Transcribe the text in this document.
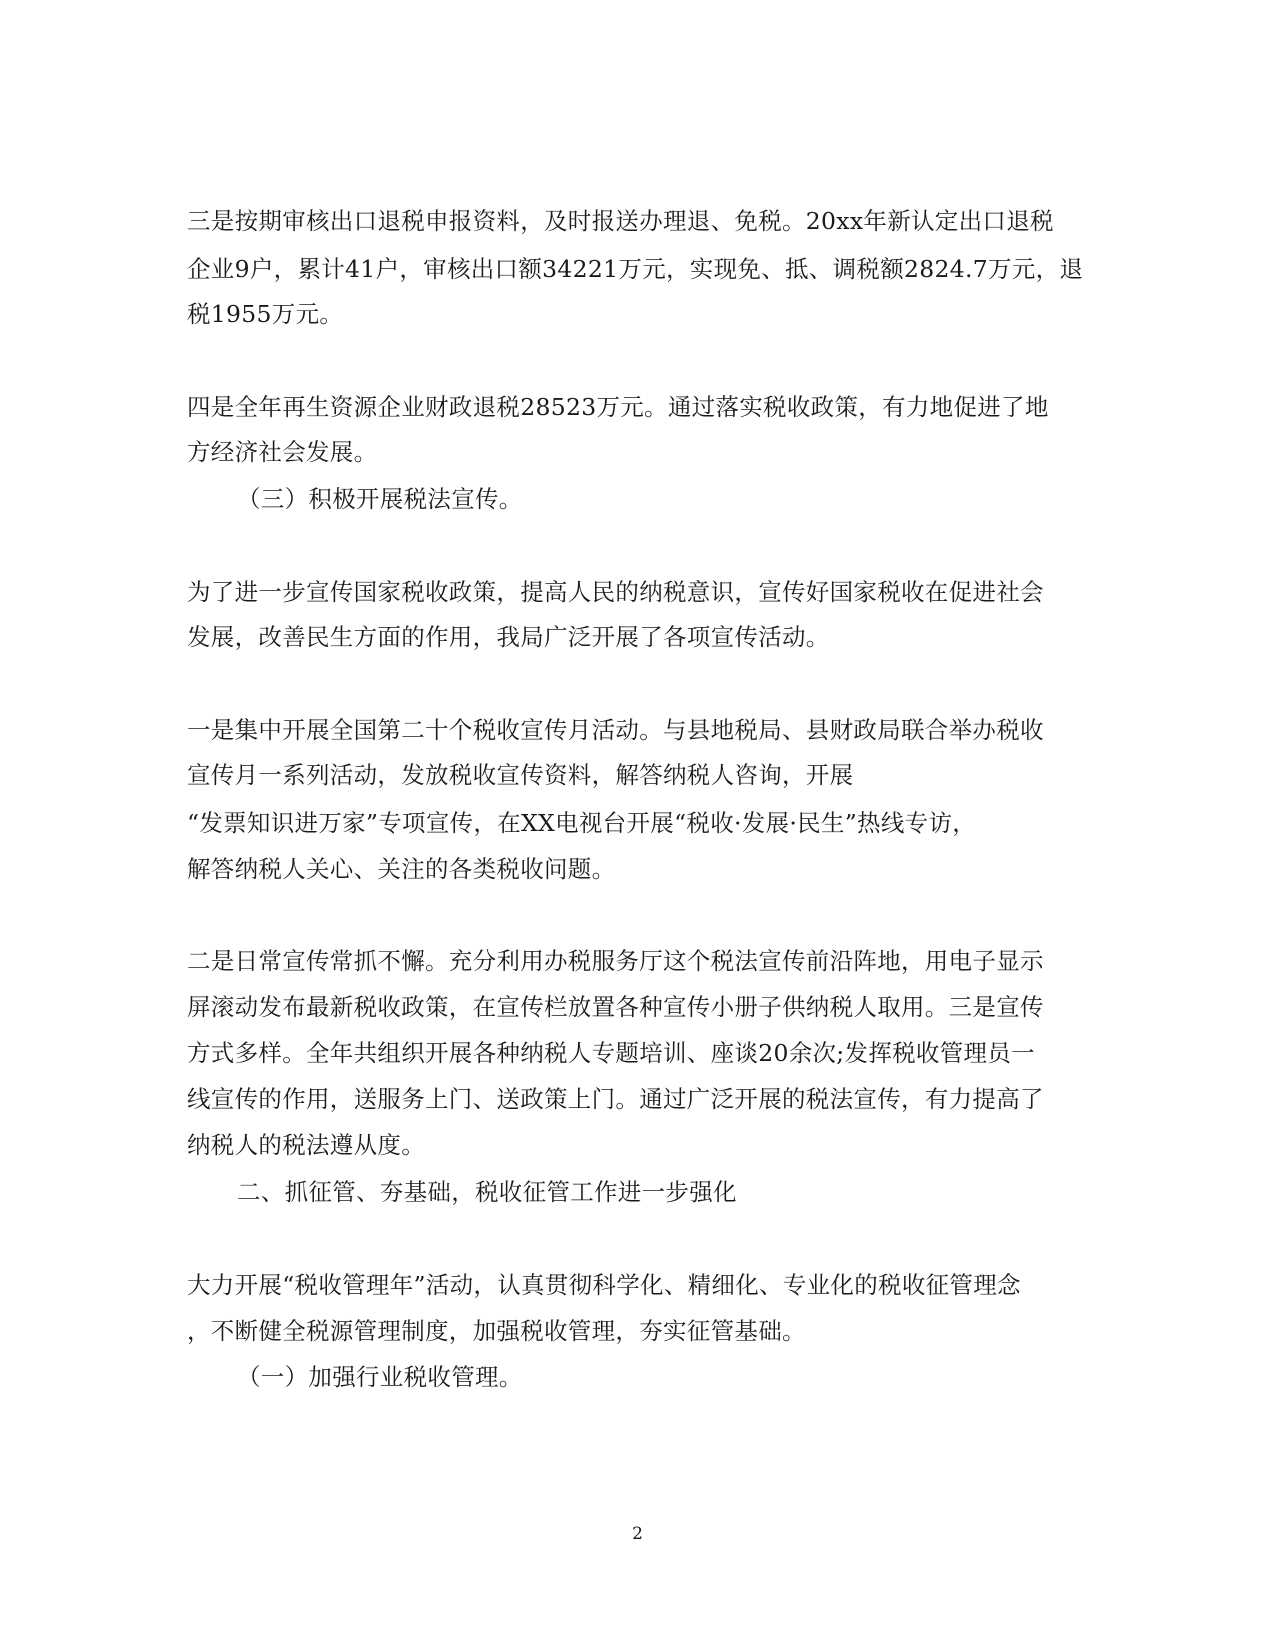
三是按期审核出口退税申报资料，及时报送办理退、免税。20xx年新认定出口退税
企业9户，累计41户，审核出口额34221万元，实现免、抵、调税额2824.7万元，退
税1955万元。
四是全年再生资源企业财政退税28523万元。通过落实税收政策，有力地促进了地
方经济社会发展。
（三）积极开展税法宣传。
为了进一步宣传国家税收政策，提高人民的纳税意识，宣传好国家税收在促进社会
发展，改善民生方面的作用，我局广泛开展了各项宣传活动。
一是集中开展全国第二十个税收宣传月活动。与县地税局、县财政局联合举办税收
宣传月一系列活动，发放税收宣传资料，解答纳税人咨询，开展
“发票知识进万家”专项宣传，在XX电视台开展“税收·发展·民生”热线专访，
解答纳税人关心、关注的各类税收问题。
二是日常宣传常抓不懈。充分利用办税服务厅这个税法宣传前沿阵地，用电子显示
屏滚动发布最新税收政策，在宣传栏放置各种宣传小册子供纳税人取用。三是宣传
方式多样。全年共组织开展各种纳税人专题培训、座谈20余次;发挥税收管理员一
线宣传的作用，送服务上门、送政策上门。通过广泛开展的税法宣传，有力提高了
纳税人的税法遵从度。
二、抓征管、夯基础，税收征管工作进一步强化
大力开展“税收管理年”活动，认真贯彻科学化、精细化、专业化的税收征管理念
，不断健全税源管理制度，加强税收管理，夯实征管基础。
（一）加强行业税收管理。
2
